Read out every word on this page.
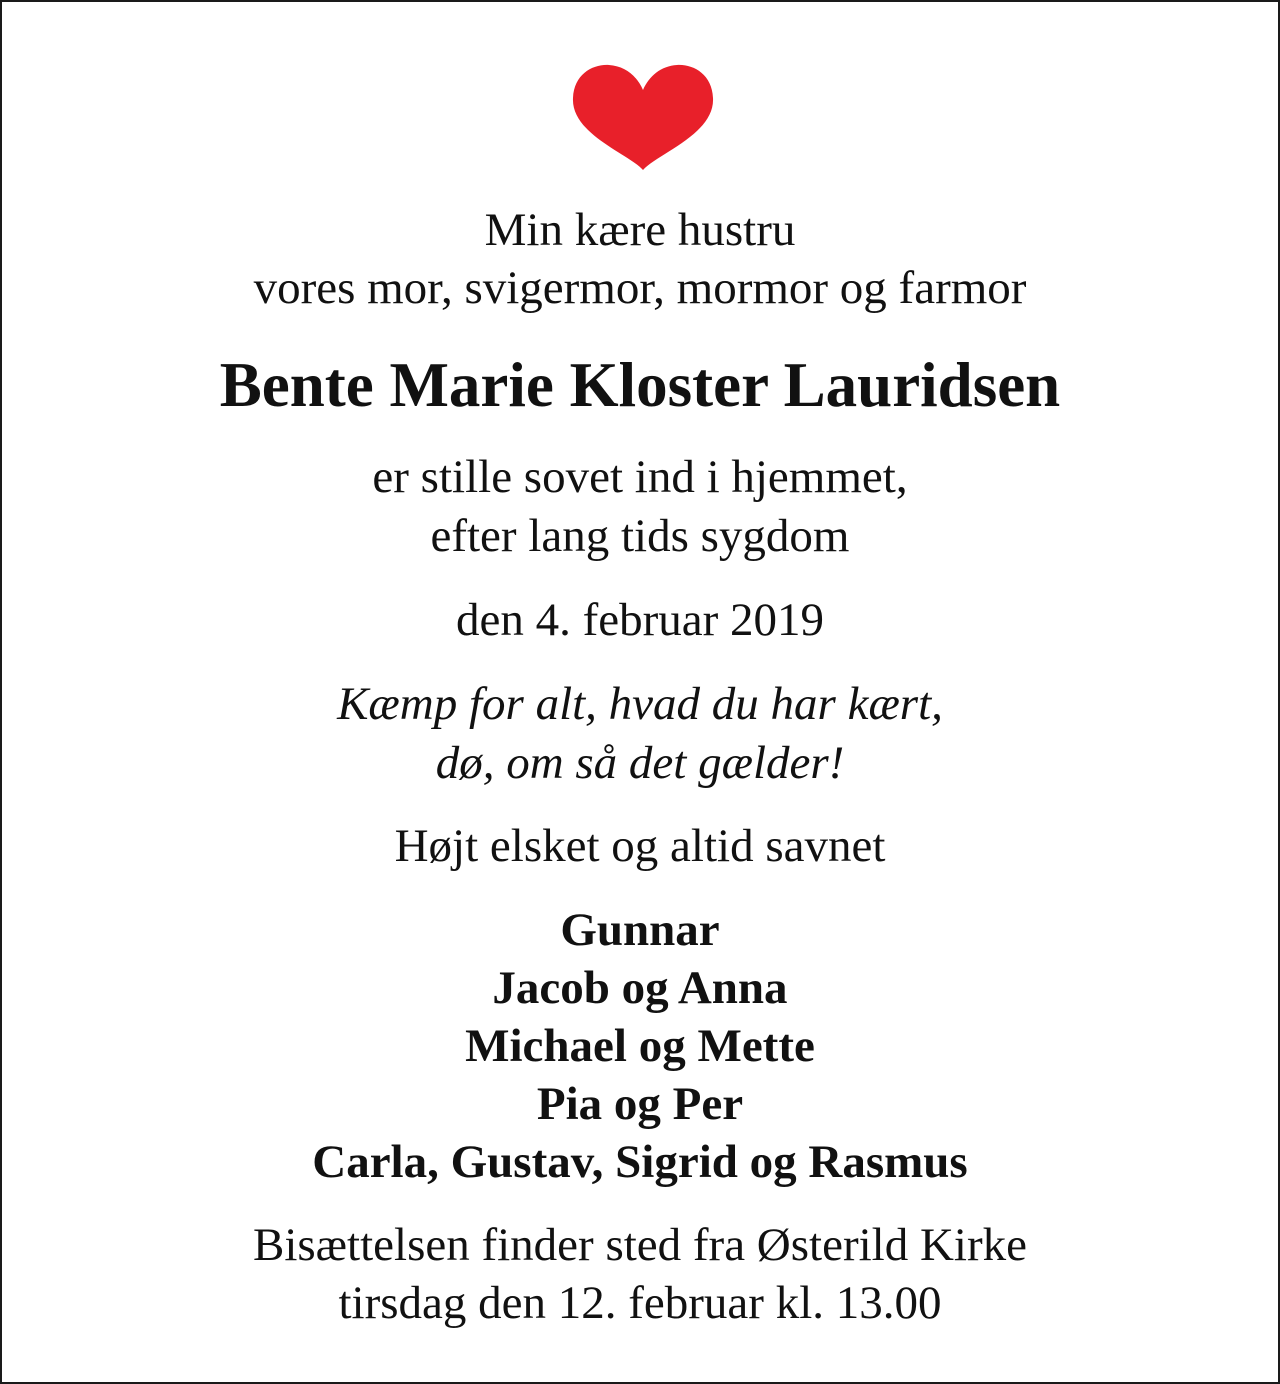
Min kære hustru
vores mor, svigermor, mormor og farmor
Bente Marie Kloster Lauridsen
er stille sovet ind i hjemmet,
efter lang tids sygdom
den 4. februar 2019
Kæmp for alt, hvad du har kært,
dø, om så det gælder!
Højt elsket og altid savnet
Gunnar
Jacob og Anna
Michael og Mette
Pia og Per
Carla, Gustav, Sigrid og Rasmus
Bisættelsen finder sted fra Østerild Kirke
tirsdag den 12. februar kl. 13.00
